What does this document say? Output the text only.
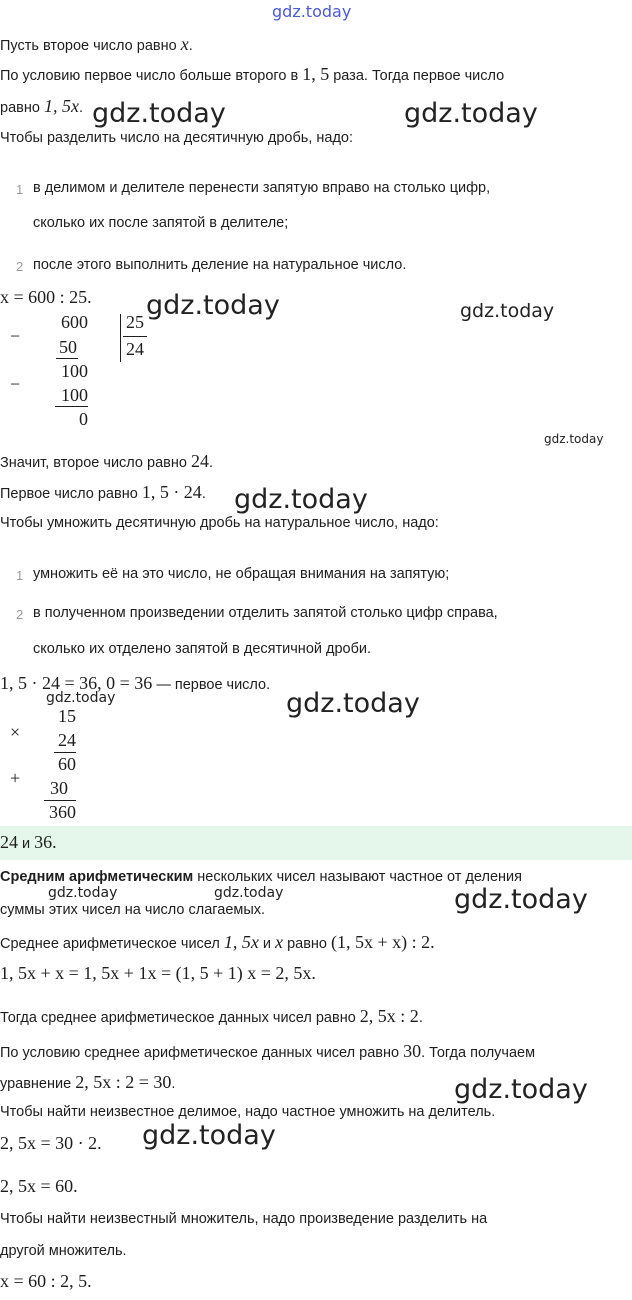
gdz.today
Пусть второе число равно x.
По условию первое число больше второго в 1, 5 раза. Тогда первое число
равно 1, 5x. gdz.today	gdz.today
Чтобы разделить число на десятичную дробь, надо:
1 в делимом и делителе перенести запятую вправо на столько цифр,
сколько их после запятой в делителе;
2 после этого выполнить деление на натуральное число.
x = 600 : 25. gdz.today	gdz.today
−
600
50
−
100
100
0
25
24
gdz.today
Значит, второе число равно 24.
Первое число равно 1, 5 · 24. gdz.today
Чтобы умножить десятичную дробь на натуральное число, надо:
1 умножить её на это число, не обращая внимания на запятую;
2 в полученном произведении отделить запятой столько цифр справа,
сколько их отделено запятой в десятичной дроби.
1, 5 · 24 = 36, 0 = 36 — первое число.
gdz.today	gdz.today
×
15
24
60
+	30
360
24 и 36.
Средним арифметическим нескольких чисел называют частное от деления
gdz.today	gdz.today	gdz.today
суммы этих чисел на число слагаемых.
Среднее арифметическое чисел 1, 5x и x равно (1, 5x + x) : 2.
1, 5x + x = 1, 5x + 1x = (1, 5 + 1) x = 2, 5x.
Тогда среднее арифметическое данных чисел равно 2, 5x : 2.
По условию среднее арифметическое данных чисел равно 30. Тогда получаем
уравнение 2, 5x : 2 = 30.	gdz.today
Чтобы найти неизвестное делимое, надо частное умножить на делитель.
2, 5x = 30 · 2. gdz.today
2, 5x = 60.
Чтобы найти неизвестный множитель, надо произведение разделить на
другой множитель.
x = 60 : 2, 5.
